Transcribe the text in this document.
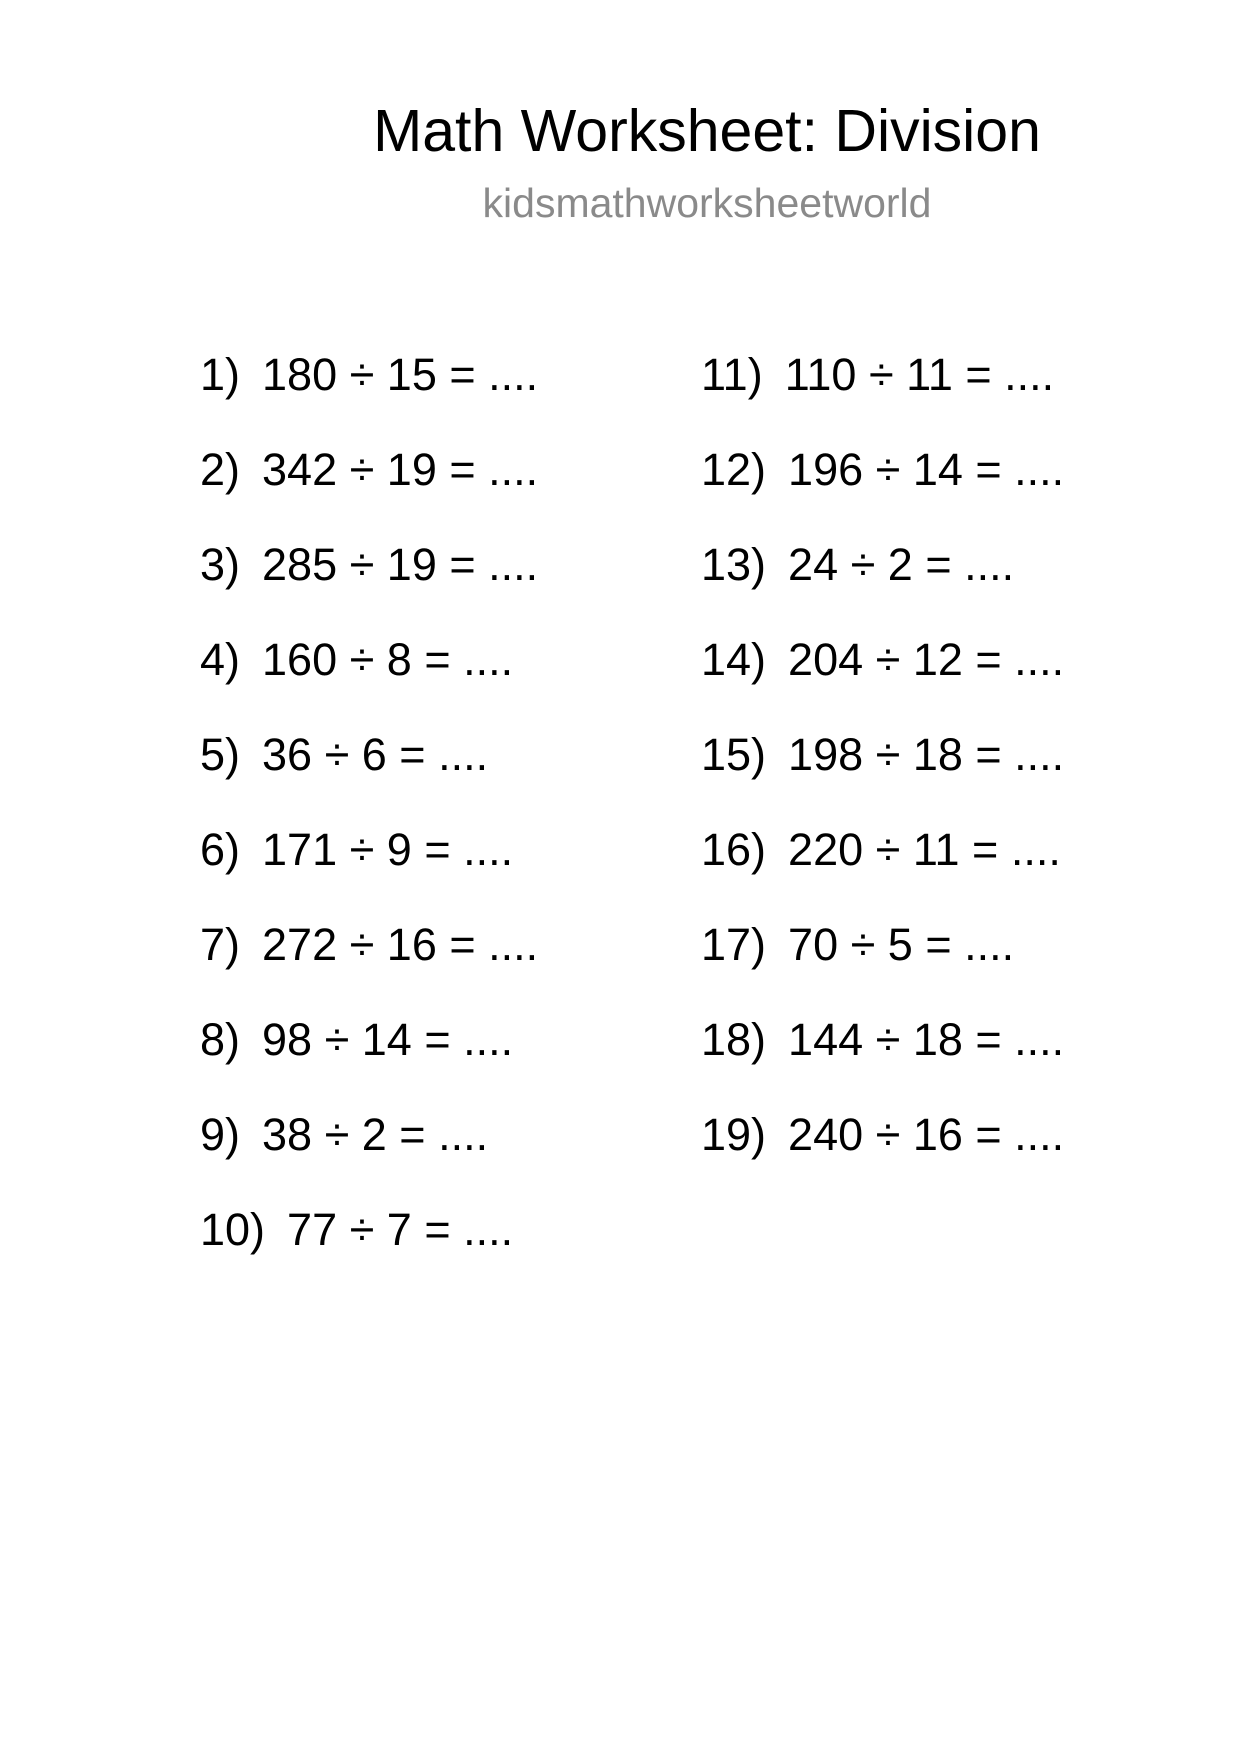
Math Worksheet: Division
kidsmathworksheetworld
1) 180 ÷ 15 = ....
2) 342 ÷ 19 = ....
3) 285 ÷ 19 = ....
4) 160 ÷ 8 = ....
5) 36 ÷ 6 = ....
6) 171 ÷ 9 = ....
7) 272 ÷ 16 = ....
8) 98 ÷ 14 = ....
9) 38 ÷ 2 = ....
10) 77 ÷ 7 = ....
11) 110 ÷ 11 = ....
12) 196 ÷ 14 = ....
13) 24 ÷ 2 = ....
14) 204 ÷ 12 = ....
15) 198 ÷ 18 = ....
16) 220 ÷ 11 = ....
17) 70 ÷ 5 = ....
18) 144 ÷ 18 = ....
19) 240 ÷ 16 = ....
